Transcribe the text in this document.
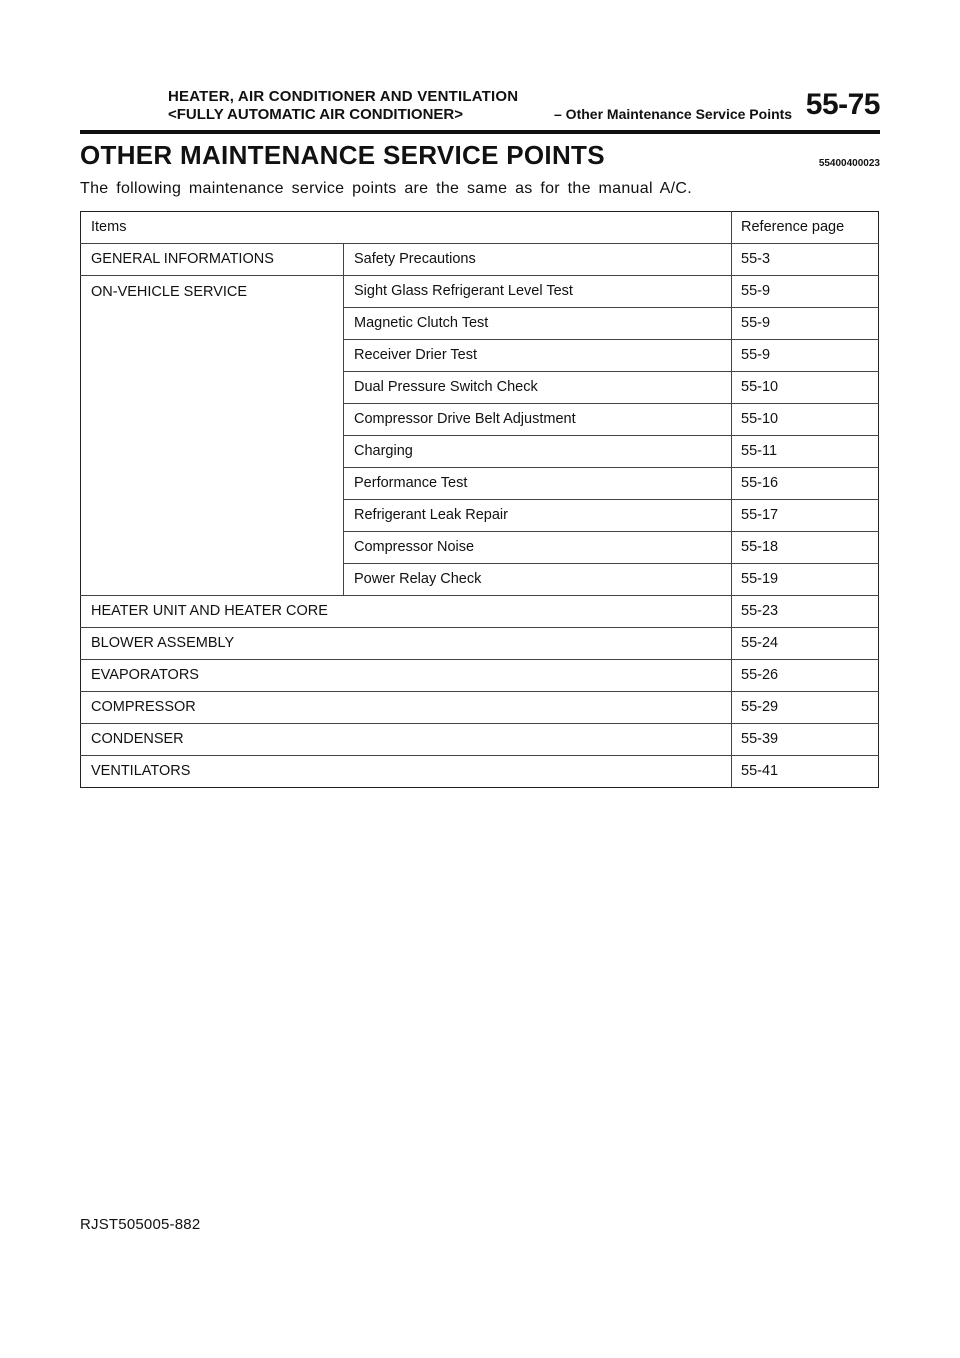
HEATER, AIR CONDITIONER AND VENTILATION
<FULLY AUTOMATIC AIR CONDITIONER>	– Other Maintenance Service Points 55-75
OTHER MAINTENANCE SERVICE POINTS	55400400023
The following maintenance service points are the same as for the manual A/C.
Items		Reference page
GENERAL INFORMATIONS	Safety Precautions	55-3
ON-VEHICLE SERVICE	Sight Glass Refrigerant Level Test	55-9
	Magnetic Clutch Test	55-9
	Receiver Drier Test	55-9
	Dual Pressure Switch Check	55-10
	Compressor Drive Belt Adjustment	55-10
	Charging	55-11
	Performance Test	55-16
	Refrigerant Leak Repair	55-17
	Compressor Noise	55-18
	Power Relay Check	55-19
HEATER UNIT AND HEATER CORE		55-23
BLOWER ASSEMBLY		55-24
EVAPORATORS		55-26
COMPRESSOR		55-29
CONDENSER		55-39
VENTILATORS		55-41
RJST505005-882
